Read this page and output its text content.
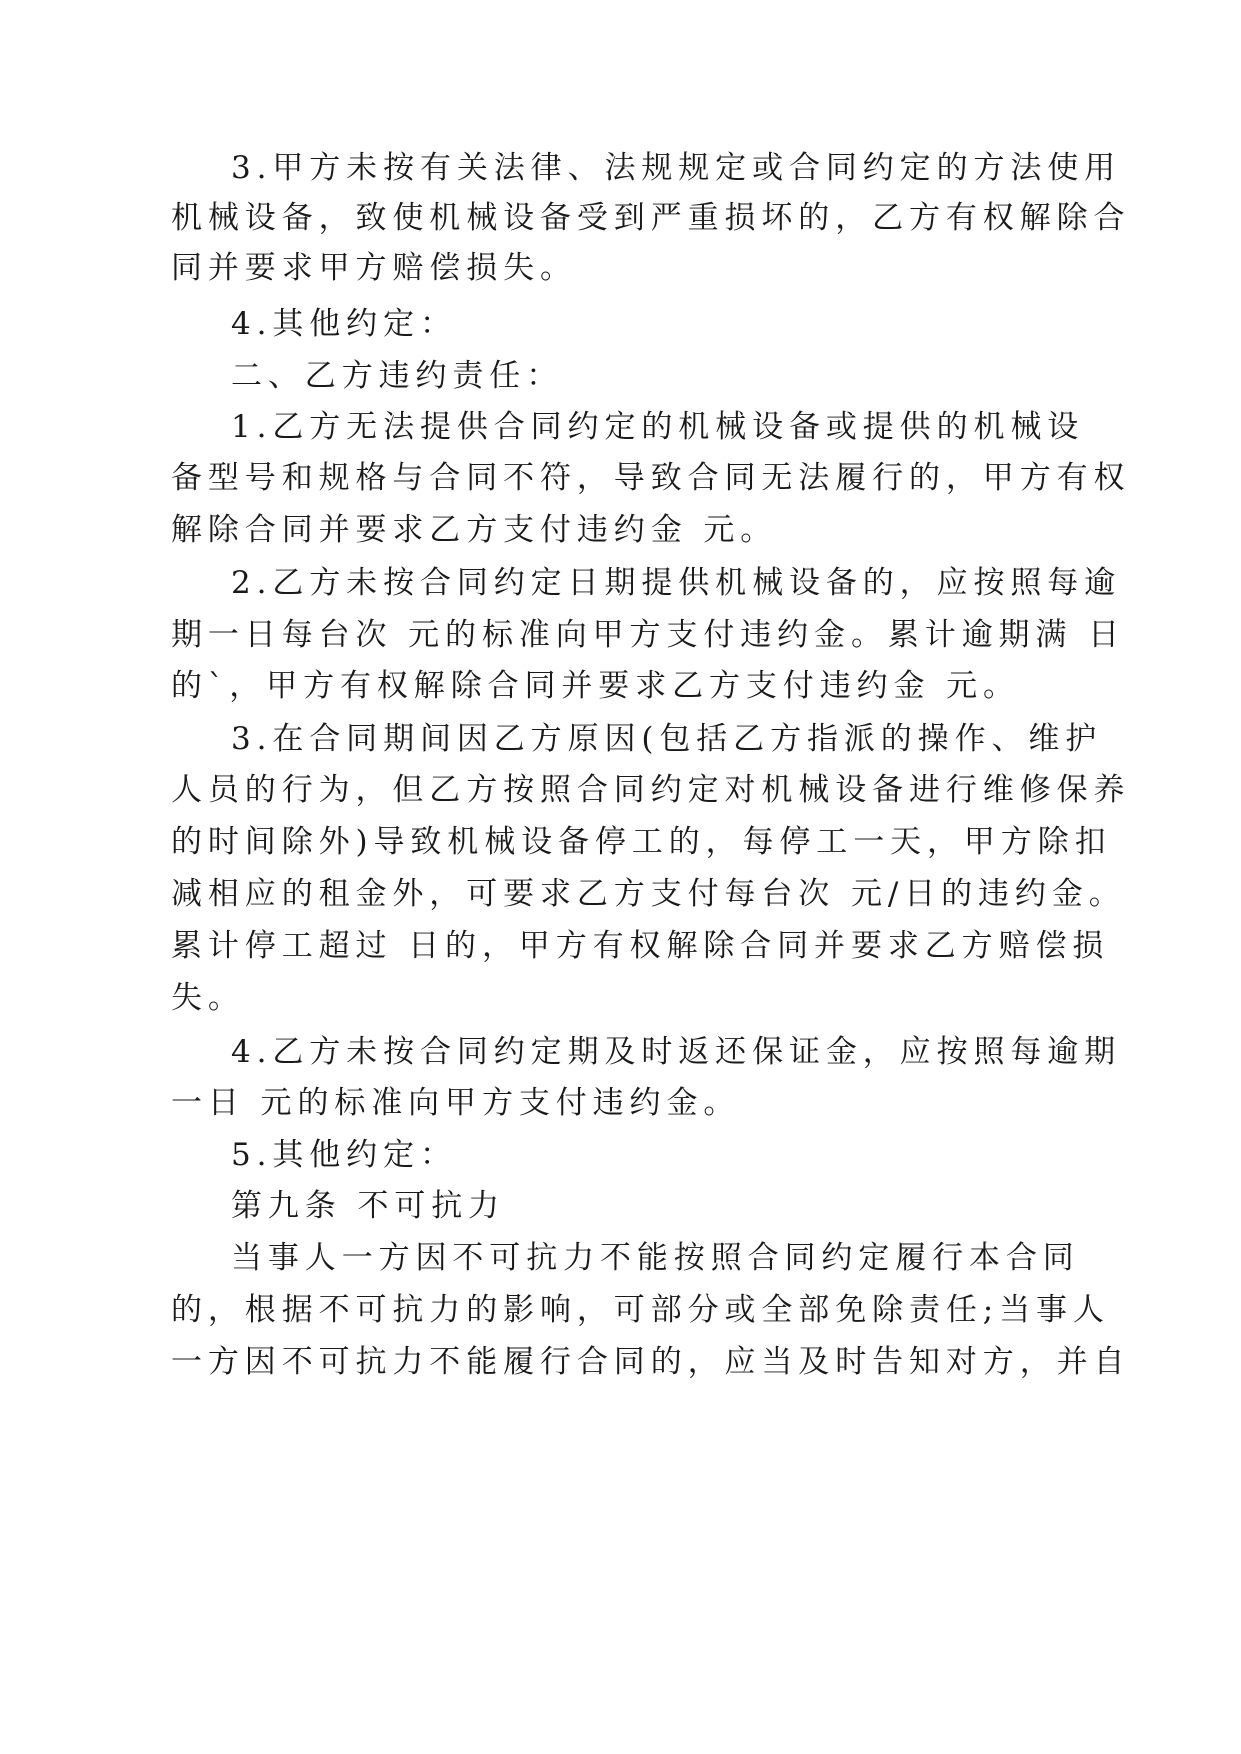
3.甲方未按有关法律、法规规定或合同约定的方法使用
机械设备，致使机械设备受到严重损坏的，乙方有权解除合
同并要求甲方赔偿损失。
4.其他约定：
二、乙方违约责任：
1.乙方无法提供合同约定的机械设备或提供的机械设
备型号和规格与合同不符，导致合同无法履行的，甲方有权
解除合同并要求乙方支付违约金 元。
2.乙方未按合同约定日期提供机械设备的，应按照每逾
期一日每台次 元的标准向甲方支付违约金。累计逾期满 日
的`，甲方有权解除合同并要求乙方支付违约金 元。
3.在合同期间因乙方原因(包括乙方指派的操作、维护
人员的行为，但乙方按照合同约定对机械设备进行维修保养
的时间除外)导致机械设备停工的，每停工一天，甲方除扣
减相应的租金外，可要求乙方支付每台次 元/日的违约金。
累计停工超过 日的，甲方有权解除合同并要求乙方赔偿损
失。
4.乙方未按合同约定期及时返还保证金，应按照每逾期
一日 元的标准向甲方支付违约金。
5.其他约定：
第九条 不可抗力
当事人一方因不可抗力不能按照合同约定履行本合同
的，根据不可抗力的影响，可部分或全部免除责任;当事人
一方因不可抗力不能履行合同的，应当及时告知对方，并自
